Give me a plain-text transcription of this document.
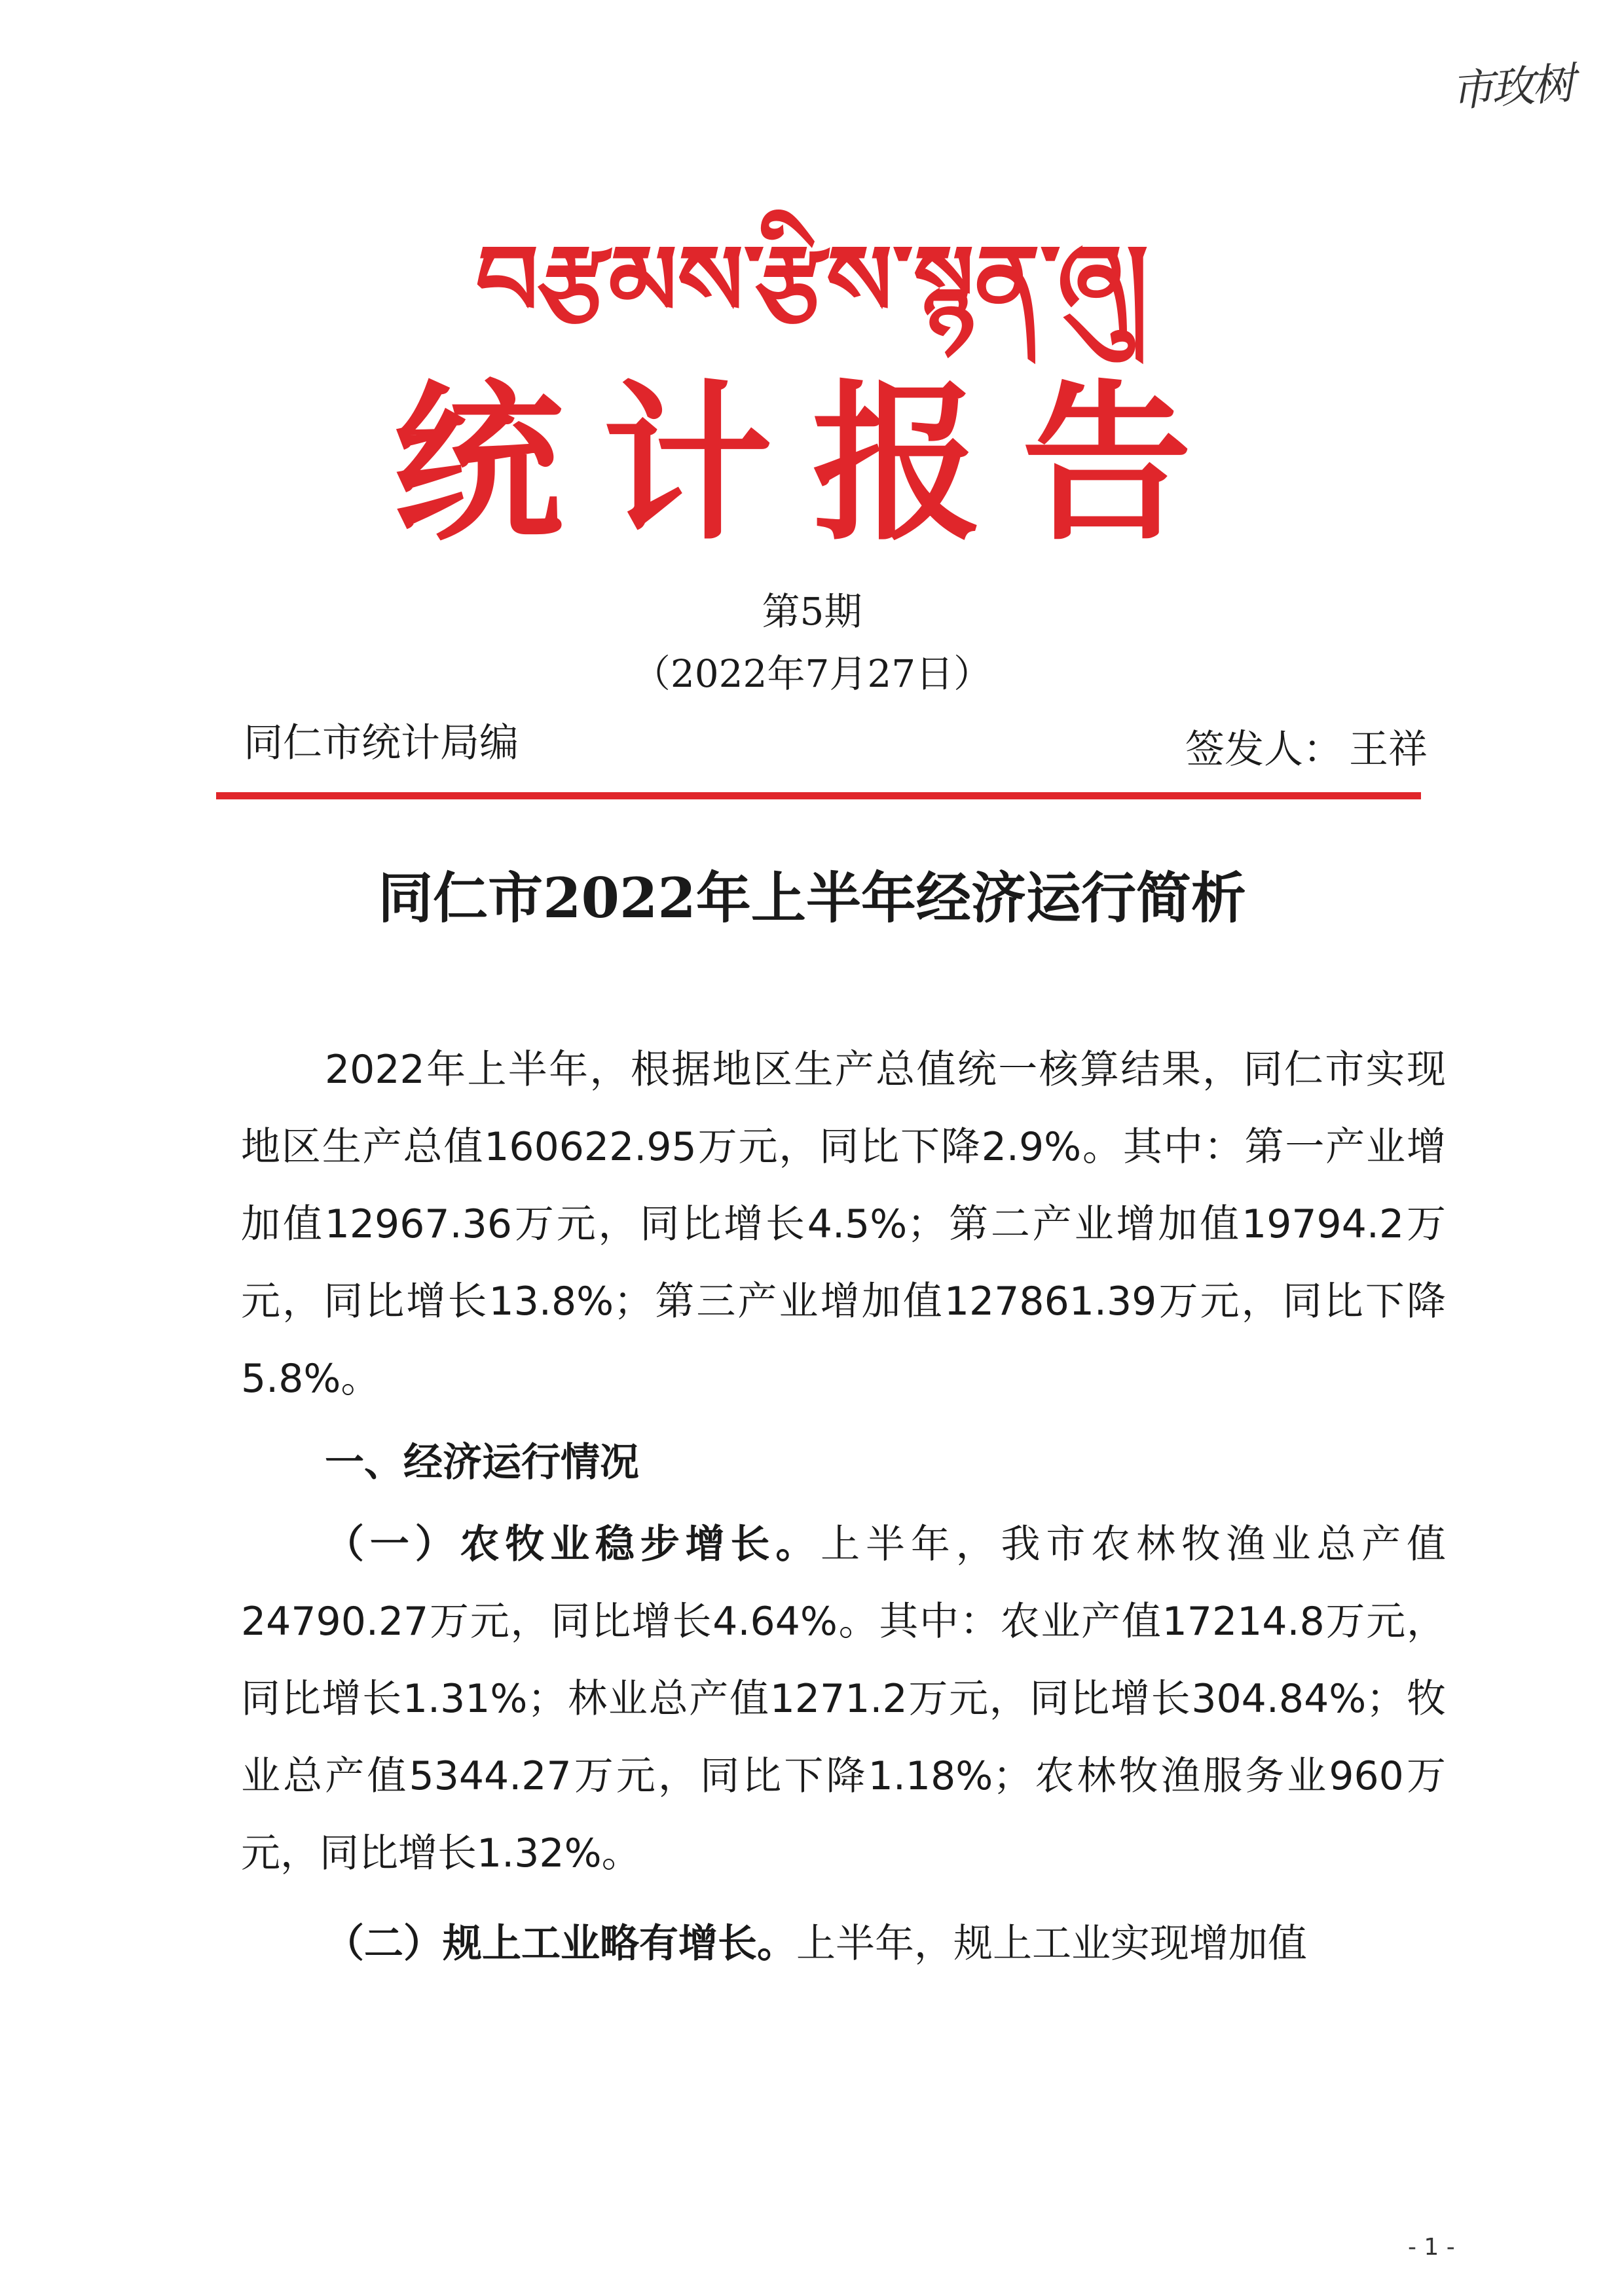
市玫树
བརྩམས་རྩིས་སྙན་ཞུ།
统计报告
第5期
（2022年7月27日）
同仁市统计局编	签发人： 王祥
同仁市2022年上半年经济运行简析
2022年上半年，根据地区生产总值统一核算结果，同仁市实现地区生产总值160622.95万元，同比下降2.9%。其中：第一产业增加值12967.36万元，同比增长4.5%；第二产业增加值19794.2万元，同比增长13.8%；第三产业增加值127861.39万元，同比下降5.8%。
一、经济运行情况
（一）农牧业稳步增长。上半年，我市农林牧渔业总产值24790.27万元，同比增长4.64%。其中：农业产值17214.8万元，同比增长1.31%；林业总产值1271.2万元，同比增长304.84%；牧业总产值5344.27万元，同比下降1.18%；农林牧渔服务业960万元，同比增长1.32%。
（二）规上工业略有增长。上半年，规上工业实现增加值
- 1 -
